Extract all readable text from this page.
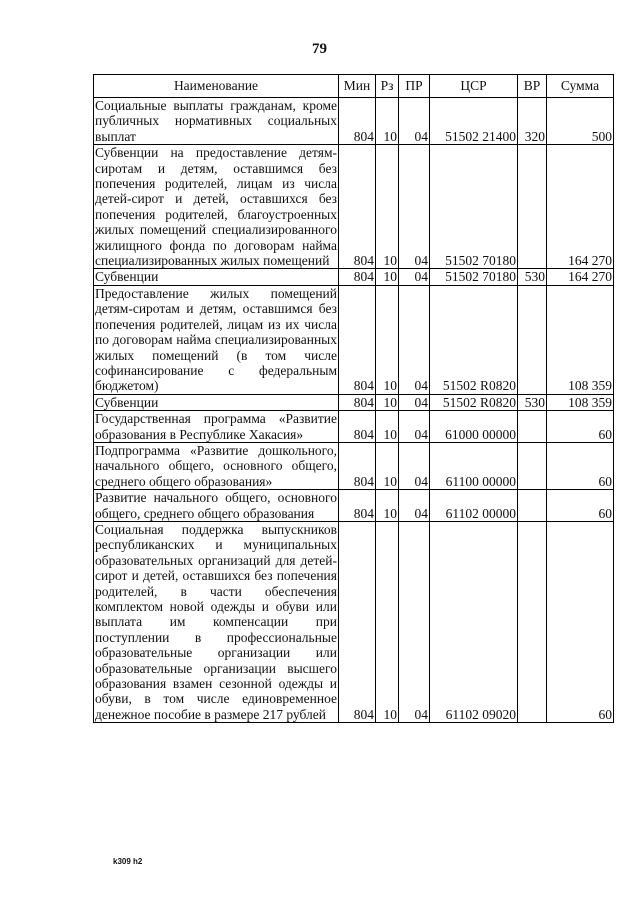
79
Наименование	Мин	Рз	ПР	ЦСР	ВР	Сумма
Социальные выплаты гражданам, кроме публичных нормативных социальных выплат	804	10	04	51502 21400	320	500
Субвенции на предоставление детям-сиротам и детям, оставшимся без попечения родителей, лицам из числа детей-сирот и детей, оставшихся без попечения родителей, благоустроенных жилых помещений специализированного жилищного фонда по договорам найма специализированных жилых помещений	804	10	04	51502 70180		164 270
Субвенции	804	10	04	51502 70180	530	164 270
Предоставление жилых помещений детям-сиротам и детям, оставшимся без попечения родителей, лицам из их числа по договорам найма специализированных жилых помещений (в том числе софинансирование с федеральным бюджетом)	804	10	04	51502 R0820		108 359
Субвенции	804	10	04	51502 R0820	530	108 359
Государственная программа «Развитие образования в Республике Хакасия»	804	10	04	61000 00000		60
Подпрограмма «Развитие дошкольного, начального общего, основного общего, среднего общего образования»	804	10	04	61100 00000		60
Развитие начального общего, основного общего, среднего общего образования	804	10	04	61102 00000		60
Социальная поддержка выпускников республиканских и муниципальных образовательных организаций для детей-сирот и детей, оставшихся без попечения родителей, в части обеспечения комплектом новой одежды и обуви или выплата им компенсации при поступлении в профессиональные образовательные организации или образовательные организации высшего образования взамен сезонной одежды и обуви, в том числе единовременное денежное пособие в размере 217 рублей	804	10	04	61102 09020		60
k309 h2
